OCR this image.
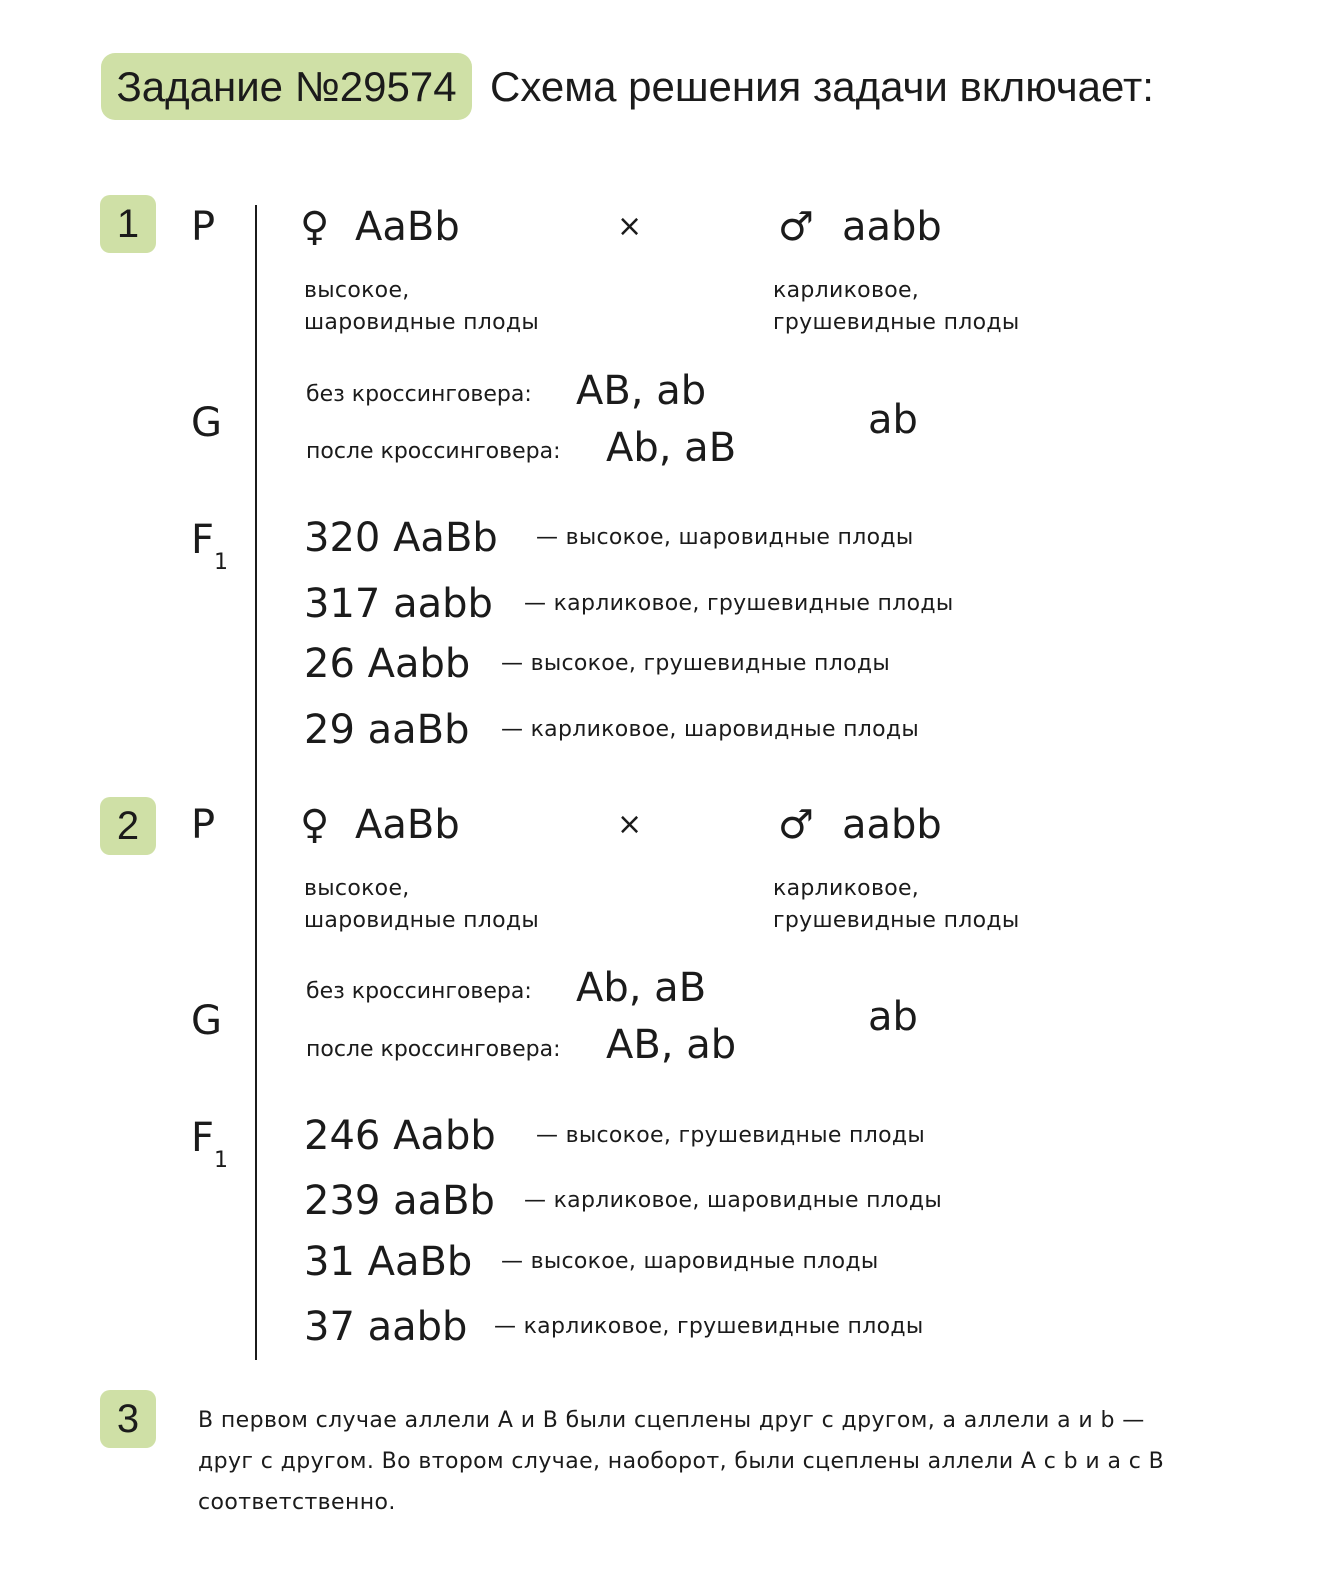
Задание №29574 Схема решения задачи включает:
1	P ♀ AaBb	×	♂ aabb
высокое,
шаровидные плоды
карликовое,
грушевидные плоды
G
без кроссинговера: AB, ab
после кроссинговера: Ab, aB
ab
$F_1$
320 AaBb — высокое, шаровидные плоды
317 aabb — карликовое, грушевидные плоды
26 Aabb — высокое, грушевидные плоды
29 aaBb — карликовое, шаровидные плоды
2	P ♀ AaBb	×	♂ aabb
высокое,
шаровидные плоды
карликовое,
грушевидные плоды
G
без кроссинговера: Ab, aB
после кроссинговера: AB, ab
ab
$F_1$
246 Aabb — высокое, грушевидные плоды
239 aaBb — карликовое, шаровидные плоды
31 AaBb — высокое, шаровидные плоды
37 aabb — карликовое, грушевидные плоды
3	В первом случае аллели A и B были сцеплены друг с другом, а аллели a и b — друг с другом. Во втором случае, наоборот, были сцеплены аллели A с b и a с B соответственно.
